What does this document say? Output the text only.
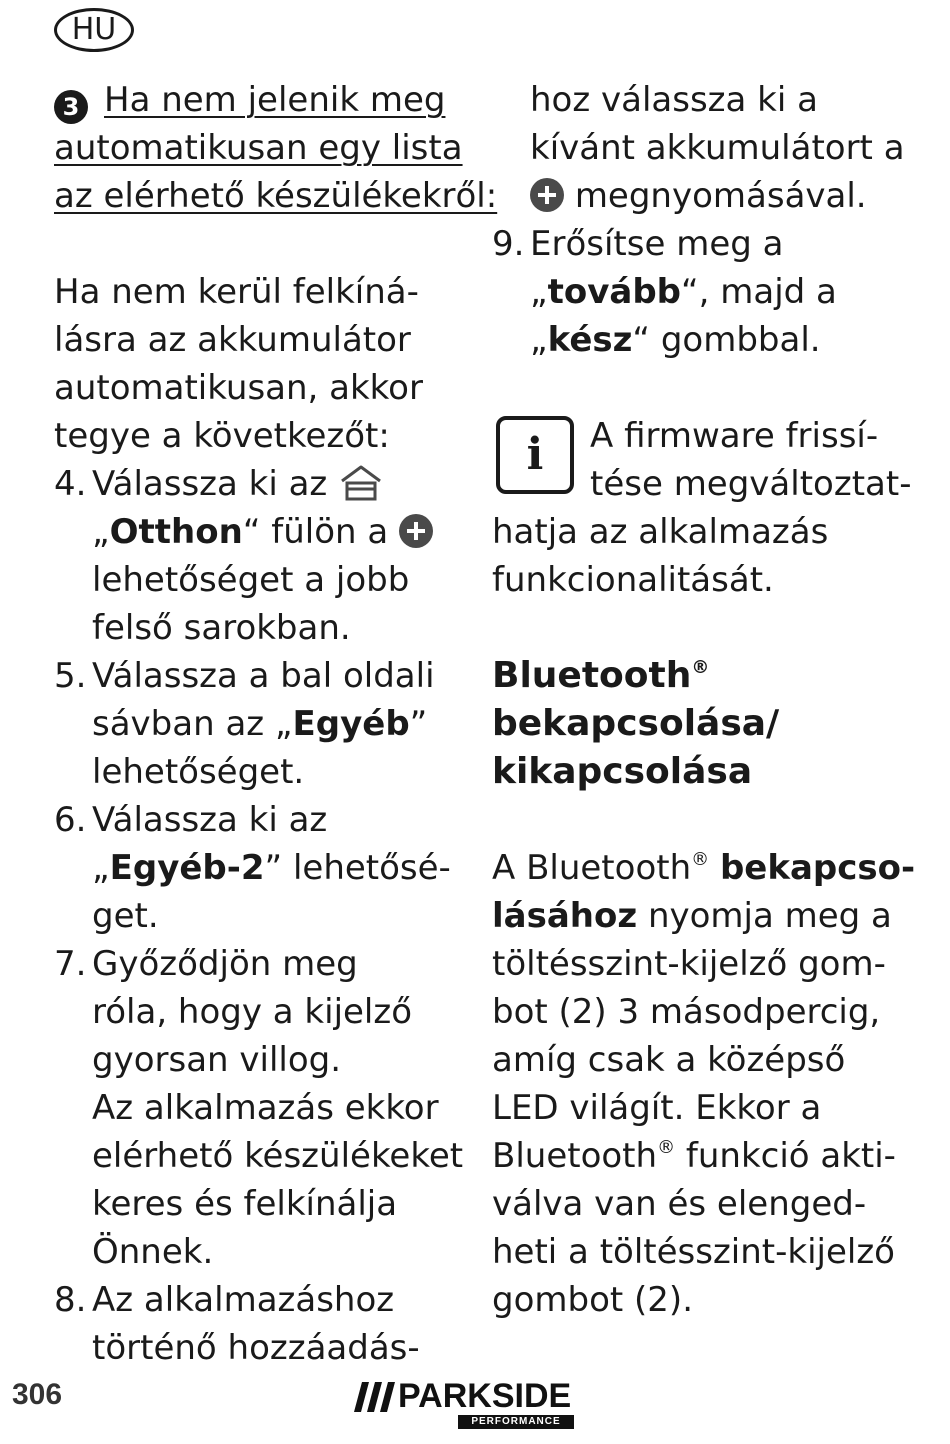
HU
3 Ha nem jelenik meg
automatikusan egy lista
az elérhető készülékekről:
Ha nem kerül felkíná-
lásra az akkumulátor
automatikusan, akkor
tegye a következőt:
4. Válassza ki az
„Otthon“ fülön a
lehetőséget a jobb
felső sarokban.
5. Válassza a bal oldali
sávban az „Egyéb”
lehetőséget.
6. Válassza ki az
„Egyéb-2” lehetősé-
get.
7. Győződjön meg
róla, hogy a kijelző
gyorsan villog.
Az alkalmazás ekkor
elérhető készülékeket
keres és felkínálja
Önnek.
8. Az alkalmazáshoz
történő hozzáadás-
hoz válassza ki a
kívánt akkumulátort a
megnyomásával.
9. Erősítse meg a
„tovább“, majd a
„kész“ gombbal.
i	A firmware frissí-
tése megváltoztat-
hatja az alkalmazás
funkcionalitását.
Bluetooth®
bekapcsolása/
kikapcsolása
A Bluetooth® bekapcso-
lásához nyomja meg a
töltésszint-kijelző gom-
bot (2) 3 másodpercig,
amíg csak a középső
LED világít. Ekkor a
Bluetooth® funkció akti-
válva van és elenged-
heti a töltésszint-kijelző
gombot (2).
306	PARKSIDE
PERFORMANCE
